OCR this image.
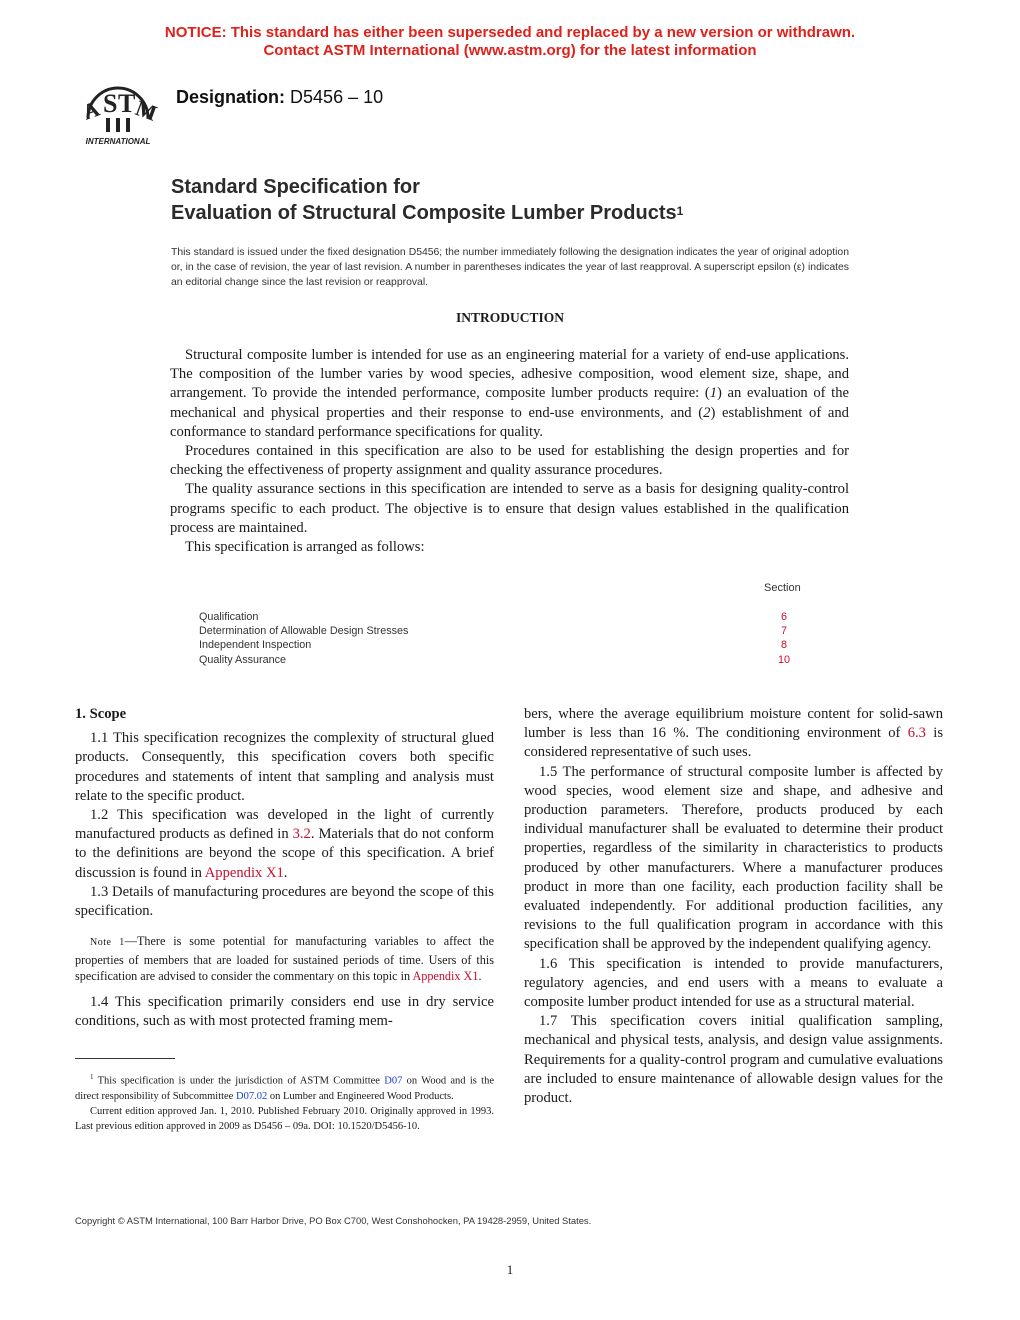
NOTICE: This standard has either been superseded and replaced by a new version or withdrawn.
Contact ASTM International (www.astm.org) for the latest information
A S T
M
INTERNATIONAL
Designation: D5456 – 10
Standard Specification for
Evaluation of Structural Composite Lumber Products$^1$
This standard is issued under the fixed designation D5456; the number immediately following the designation indicates the year of original adoption or, in the case of revision, the year of last revision. A number in parentheses indicates the year of last reapproval. A superscript epsilon (ε) indicates an editorial change since the last revision or reapproval.
INTRODUCTION

Structural composite lumber is intended for use as an engineering material for a variety of end-use applications. The composition of the lumber varies by wood species, adhesive composition, wood element size, shape, and arrangement. To provide the intended performance, composite lumber products require: (1) an evaluation of the mechanical and physical properties and their response to end-use environments, and (2) establishment of and conformance to standard performance specifications for quality.

Procedures contained in this specification are also to be used for establishing the design properties and for checking the effectiveness of property assignment and quality assurance procedures.

The quality assurance sections in this specification are intended to serve as a basis for designing quality-control programs specific to each product. The objective is to ensure that design values established in the qualification process are maintained.

This specification is arranged as follows:

Section
Qualification	6
Determination of Allowable Design Stresses	7
Independent Inspection	8
Quality Assurance	10
1. Scope

1.1 This specification recognizes the complexity of structural glued products. Consequently, this specification covers both specific procedures and statements of intent that sampling and analysis must relate to the specific product.

1.2 This specification was developed in the light of currently manufactured products as defined in 3.2. Materials that do not conform to the definitions are beyond the scope of this specification. A brief discussion is found in Appendix X1.

1.3 Details of manufacturing procedures are beyond the scope of this specification.

Note 1—There is some potential for manufacturing variables to affect the properties of members that are loaded for sustained periods of time. Users of this specification are advised to consider the commentary on this topic in Appendix X1.

1.4 This specification primarily considers end use in dry service conditions, such as with most protected framing mem-

bers, where the average equilibrium moisture content for solid-sawn lumber is less than 16 %. The conditioning environment of 6.3 is considered representative of such uses.

1.5 The performance of structural composite lumber is affected by wood species, wood element size and shape, and adhesive and production parameters. Therefore, products produced by each individual manufacturer shall be evaluated to determine their product properties, regardless of the similarity in characteristics to products produced by other manufacturers. Where a manufacturer produces product in more than one facility, each production facility shall be evaluated independently. For additional production facilities, any revisions to the full qualification program in accordance with this specification shall be approved by the independent qualifying agency.

1.6 This specification is intended to provide manufacturers, regulatory agencies, and end users with a means to evaluate a composite lumber product intended for use as a structural material.

1.7 This specification covers initial qualification sampling, mechanical and physical tests, analysis, and design value assignments. Requirements for a quality-control program and cumulative evaluations are included to ensure maintenance of allowable design values for the product.

$^1$ This specification is under the jurisdiction of ASTM Committee D07 on Wood and is the direct responsibility of Subcommittee D07.02 on Lumber and Engineered Wood Products.

Current edition approved Jan. 1, 2010. Published February 2010. Originally approved in 1993. Last previous edition approved in 2009 as D5456 – 09a. DOI: 10.1520/D5456-10.

Copyright © ASTM International, 100 Barr Harbor Drive, PO Box C700, West Conshohocken, PA 19428-2959, United States.
1
